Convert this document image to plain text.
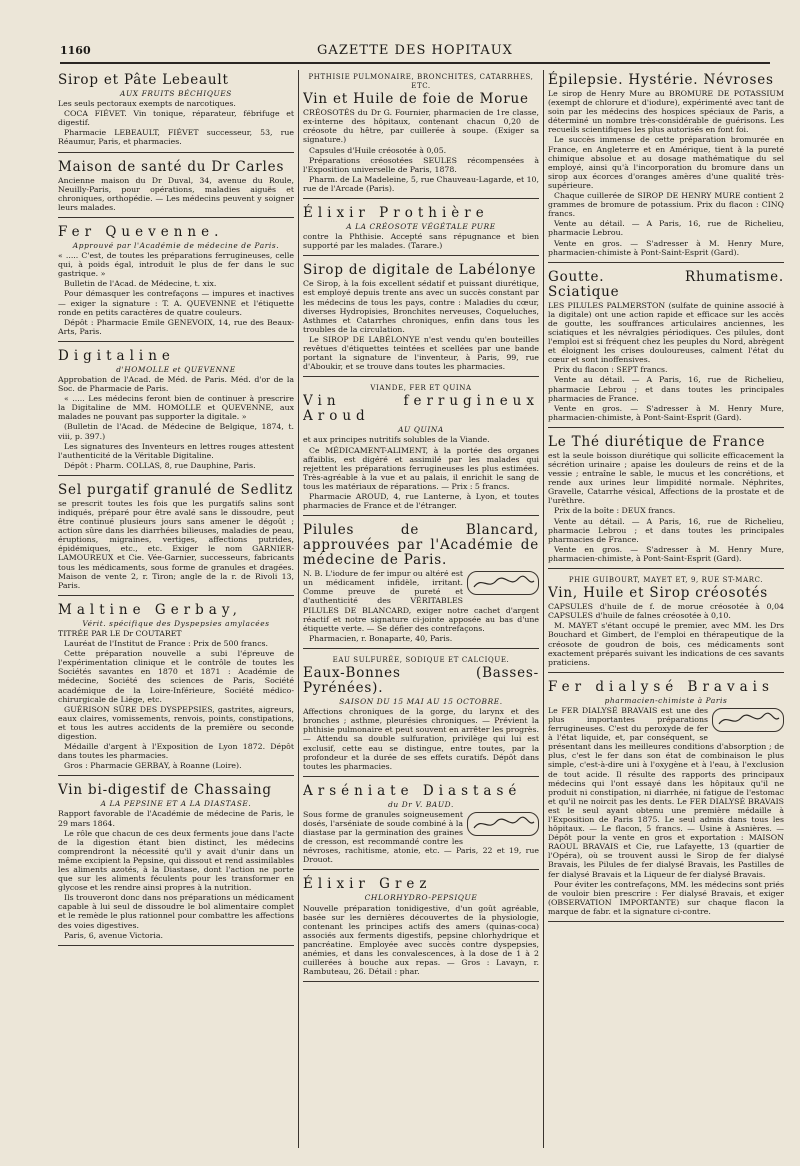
1160	GAZETTE DES HOPITAUX
Sirop et Pâte Lebeault
AUX FRUITS BÉCHIQUES

Les seuls pectoraux exempts de narcotiques.

COCA FIÉVET. Vin tonique, réparateur, fébrifuge et digestif.

Pharmacie LEBEAULT, FIÉVET successeur, 53, rue Réaumur, Paris, et pharmacies.

Maison de santé du Dr Carles

Ancienne maison du Dr Duval, 34, avenue du Roule, Neuilly-Paris, pour opérations, maladies aiguës et chroniques, orthopédie. — Les médecins peuvent y soigner leurs malades.

Fer Quevenne.
Approuvé par l'Académie de médecine de Paris.

« ..... C'est, de toutes les préparations ferrugineuses, celle qui, à poids égal, introduit le plus de fer dans le suc gastrique. »

Bulletin de l'Acad. de Médecine, t. xix.

Pour démasquer les contrefaçons — impures et inactives — exiger la signature : T. A. QUEVENNE et l'étiquette ronde en petits caractères de quatre couleurs.

Dépôt : Pharmacie Emile GENEVOIX, 14, rue des Beaux-Arts, Paris.

Digitaline
d'HOMOLLE et QUEVENNE

Approbation de l'Acad. de Méd. de Paris. Méd. d'or de la Soc. de Pharmacie de Paris.

« ..... Les médecins feront bien de continuer à prescrire la Digitaline de MM. HOMOLLE et QUEVENNE, aux malades ne pouvant pas supporter la digitale. »

(Bulletin de l'Acad. de Médecine de Belgique, 1874, t. viii, p. 397.)

Les signatures des Inventeurs en lettres rouges attestent l'authenticité de la Véritable Digitaline.

Dépôt : Pharm. COLLAS, 8, rue Dauphine, Paris.

Sel purgatif granulé de Sedlitz

se prescrit toutes les fois que les purgatifs salins sont indiqués, préparé pour être avalé sans le dissoudre, peut être continué plusieurs jours sans amener le dégoût ; action sûre dans les diarrhées bilieuses, maladies de peau, éruptions, migraines, vertiges, affections putrides, épidémiques, etc., etc. Exiger le nom GARNIER-LAMOUREUX et Cie. Vée-Garnier, successeurs, fabricants tous les médicaments, sous forme de granules et dragées. Maison de vente 2, r. Tiron; angle de la r. de Rivoli 13, Paris.

Maltine Gerbay,
Vérit. spécifique des Dyspepsies amylacées

TITRÉE PAR LE Dr COUTARET

Lauréat de l'Institut de France : Prix de 500 francs.

Cette préparation nouvelle a subi l'épreuve de l'expérimentation clinique et le contrôle de toutes les Sociétés savantes en 1870 et 1871 : Académie de médecine, Société des sciences de Paris, Société académique de la Loire-Inférieure, Société médico-chirurgicale de Liége, etc.

GUÉRISON SÛRE DES DYSPEPSIES, gastrites, aigreurs, eaux claires, vomissements, renvois, points, constipations, et tous les autres accidents de la première ou seconde digestion.

Médaille d'argent à l'Exposition de Lyon 1872. Dépôt dans toutes les pharmacies.

Gros : Pharmacie GERBAY, à Roanne (Loire).

Vin bi-digestif de Chassaing
A LA PEPSINE ET A LA DIASTASE.

Rapport favorable de l'Académie de médecine de Paris, le 29 mars 1864.

Le rôle que chacun de ces deux ferments joue dans l'acte de la digestion étant bien distinct, les médecins comprendront la nécessité qu'il y avait d'unir dans un même excipient la Pepsine, qui dissout et rend assimilables les aliments azotés, à la Diastase, dont l'action ne porte que sur les aliments féculents pour les transformer en glycose et les rendre ainsi propres à la nutrition.

Ils trouveront donc dans nos préparations un médicament capable à lui seul de dissoudre le bol alimentaire complet et le remède le plus rationnel pour combattre les affections des voies digestives.

Paris, 6, avenue Victoria.

PHTHISIE PULMONAIRE, BRONCHITES, CATARRHES, ETC.
Vin et Huile de foie de Morue

CRÉOSOTÉS du Dr G. Fournier, pharmacien de 1re classe, ex-interne des hôpitaux, contenant chacun 0,20 de créosote du hêtre, par cuillerée à soupe. (Exiger sa signature.)

Capsules d'Huile créosotée à 0,05.

Préparations créosotées SEULES récompensées à l'Exposition universelle de Paris, 1878.

Pharm. de La Madeleine, 5, rue Chauveau-Lagarde, et 10, rue de l'Arcade (Paris).

Élixir Prothière
A LA CRÉOSOTE VÉGÉTALE PURE

contre la Phthisie. Accepté sans répugnance et bien supporté par les malades. (Tarare.)

Sirop de digitale de Labélonye

Ce Sirop, à la fois excellent sédatif et puissant diurétique, est employé depuis trente ans avec un succès constant par les médecins de tous les pays, contre : Maladies du cœur, diverses Hydropisies, Bronchites nerveuses, Coqueluches, Asthmes et Catarrhes chroniques, enfin dans tous les troubles de la circulation.

Le SIROP DE LABÉLONYE n'est vendu qu'en bouteilles revêtues d'étiquettes teintées et scellées par une bande portant la signature de l'inventeur, à Paris, 99, rue d'Aboukir, et se trouve dans toutes les pharmacies.

VIANDE, FER ET QUINA
Vin ferrugineux Aroud
AU QUINA

et aux principes nutritifs solubles de la Viande.

Ce MÉDICAMENT-ALIMENT, à la portée des organes affaiblis, est digéré et assimilé par les malades qui rejettent les préparations ferrugineuses les plus estimées. Très-agréable à la vue et au palais, il enrichit le sang de tous les matériaux de réparations. — Prix : 5 francs.

Pharmacie AROUD, 4, rue Lanterne, à Lyon, et toutes pharmacies de France et de l'étranger.

Pilules de Blancard, approuvées par l'Académie de médecine de Paris.

N. B. L'iodure de fer impur ou altéré est un médicament infidèle, irritant. Comme preuve de pureté et d'authenticité des VÉRITABLES PILULES DE BLANCARD, exiger notre cachet d'argent réactif et notre signature ci-jointe apposée au bas d'une étiquette verte. — Se défier des contrefaçons.

Pharmacien, r. Bonaparte, 40, Paris.

EAU SULFURÉE, SODIQUE ET CALCIQUE.
Eaux-Bonnes (Basses-Pyrénées).
SAISON DU 15 MAI AU 15 OCTOBRE.

Affections chroniques de la gorge, du larynx et des bronches ; asthme, pleurésies chroniques. — Prévient la phthisie pulmonaire et peut souvent en arrêter les progrès. — Attendu sa double sulfuration, privilège qui lui est exclusif, cette eau se distingue, entre toutes, par la profondeur et la durée de ses effets curatifs. Dépôt dans toutes les pharmacies.

Arséniate Diastasé
du Dr V. BAUD.

Sous forme de granules soigneusement dosés, l'arséniate de soude combiné à la diastase par la germination des graines de cresson, est recommandé contre les névroses, rachitisme, atonie, etc. — Paris, 22 et 19, rue Drouot.

Élixir Grez
CHLORHYDRO-PEPSIQUE

Nouvelle préparation tonidigestive, d'un goût agréable, basée sur les dernières découvertes de la physiologie, contenant les principes actifs des amers (quinas-coca) associés aux ferments digestifs, pepsine chlorhydrique et pancréatine. Employée avec succès contre dyspepsies, anémies, et dans les convalescences, à la dose de 1 à 2 cuillerées à bouche aux repas. — Gros : Lavayn, r. Rambuteau, 26. Détail : phar.

Épilepsie. Hystérie. Névroses

Le sirop de Henry Mure au BROMURE DE POTASSIUM (exempt de chlorure et d'iodure), expérimenté avec tant de soin par les médecins des hospices spéciaux de Paris, a déterminé un nombre très-considérable de guérisons. Les recueils scientifiques les plus autorisés en font foi.

Le succès immense de cette préparation bromurée en France, en Angleterre et en Amérique, tient à la pureté chimique absolue et au dosage mathématique du sel employé, ainsi qu'à l'incorporation du bromure dans un sirop aux écorces d'oranges amères d'une qualité très-supérieure.

Chaque cuillerée de SIROP DE HENRY MURE contient 2 grammes de bromure de potassium. Prix du flacon : CINQ francs.

Vente au détail. — A Paris, 16, rue de Richelieu, pharmacie Lebrou.

Vente en gros. — S'adresser à M. Henry Mure, pharmacien-chimiste à Pont-Saint-Esprit (Gard).

Goutte. Rhumatisme. Sciatique

LES PILULES PALMERSTON (sulfate de quinine associé à la digitale) ont une action rapide et efficace sur les accès de goutte, les souffrances articulaires anciennes, les sciatiques et les névralgies périodiques. Ces pilules, dont l'emploi est si fréquent chez les peuples du Nord, abrègent et éloignent les crises douloureuses, calment l'état du cœur et sont inoffensives.

Prix du flacon : SEPT francs.

Vente au détail. — A Paris, 16, rue de Richelieu, pharmacie Lebrou ; et dans toutes les principales pharmacies de France.

Vente en gros. — S'adresser à M. Henry Mure, pharmacien-chimiste, à Pont-Saint-Esprit (Gard).

Le Thé diurétique de France

est la seule boisson diurétique qui sollicite efficacement la sécrétion urinaire ; apaise les douleurs de reins et de la vessie ; entraîne le sable, le mucus et les concrétions, et rende aux urines leur limpidité normale. Néphrites, Gravelle, Catarrhe vésical, Affections de la prostate et de l'urèthre.

Prix de la boîte : DEUX francs.

Vente au détail. — A Paris, 16, rue de Richelieu, pharmacie Lebrou ; et dans toutes les principales pharmacies de France.

Vente en gros. — S'adresser à M. Henry Mure, pharmacien-chimiste, à Pont-Saint-Esprit (Gard).

PHIE GUIBOURT, MAYET ET, 9, RUE ST-MARC.
Vin, Huile et Sirop créosotés

CAPSULES d'huile de f. de morue créosotée à 0,04 CAPSULES d'huile de falnes créosotée à 0,10.

M. MAYET s'étant occupé le premier, avec MM. les Drs Bouchard et Gimbert, de l'emploi en thérapeutique de la créosote de goudron de bois, ces médicaments sont exactement préparés suivant les indications de ces savants praticiens.

Fer dialysé Bravais
pharmacien-chimiste à Paris

Le FER DIALYSÉ BRAVAIS est une des plus importantes préparations ferrugineuses. C'est du peroxyde de fer à l'état liquide, et, par conséquent, se présentant dans les meilleures conditions d'absorption ; de plus, c'est le fer dans son état de combinaison le plus simple, c'est-à-dire uni à l'oxygène et à l'eau, à l'exclusion de tout acide. Il résulte des rapports des principaux médecins qui l'ont essayé dans les hôpitaux qu'il ne produit ni constipation, ni diarrhée, ni fatigue de l'estomac et qu'il ne noircit pas les dents. Le FER DIALYSÉ BRAVAIS est le seul ayant obtenu une première médaille à l'Exposition de Paris 1875. Le seul admis dans tous les hôpitaux. — Le flacon, 5 francs. — Usine à Asnières. — Dépôt pour la vente en gros et exportation : MAISON RAOUL BRAVAIS et Cie, rue Lafayette, 13 (quartier de l'Opéra), où se trouvent aussi le Sirop de fer dialysé Bravais, les Pilules de fer dialysé Bravais, les Pastilles de fer dialysé Bravais et la Liqueur de fer dialysé Bravais.

Pour éviter les contrefaçons, MM. les médecins sont priés de vouloir bien prescrire : Fer dialysé Bravais, et exiger (OBSERVATION IMPORTANTE) sur chaque flacon la marque de fabr. et la signature ci-contre.
